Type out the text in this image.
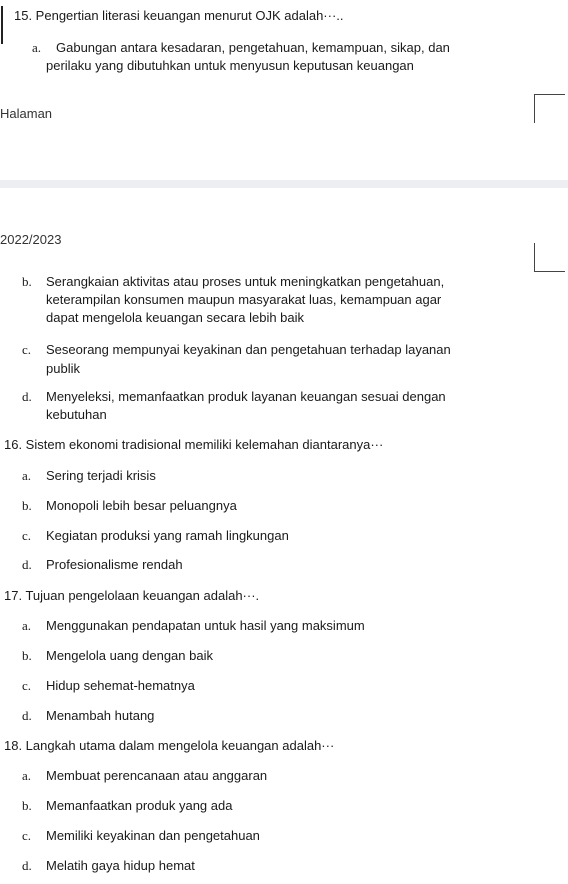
15. Pengertian literasi keuangan menurut OJK adalah···..
a. Gabungan antara kesadaran, pengetahuan, kemampuan, sikap, dan
perilaku yang dibutuhkan untuk menyusun keputusan keuangan
Halaman
2022/2023
b. Serangkaian aktivitas atau proses untuk meningkatkan pengetahuan,
keterampilan konsumen maupun masyarakat luas, kemampuan agar
dapat mengelola keuangan secara lebih baik
c. Seseorang mempunyai keyakinan dan pengetahuan terhadap layanan
publik
d. Menyeleksi, memanfaatkan produk layanan keuangan sesuai dengan
kebutuhan
16. Sistem ekonomi tradisional memiliki kelemahan diantaranya···
a. Sering terjadi krisis
b. Monopoli lebih besar peluangnya
c. Kegiatan produksi yang ramah lingkungan
d. Profesionalisme rendah
17. Tujuan pengelolaan keuangan adalah···.
a. Menggunakan pendapatan untuk hasil yang maksimum
b. Mengelola uang dengan baik
c. Hidup sehemat-hematnya
d. Menambah hutang
18. Langkah utama dalam mengelola keuangan adalah···
a. Membuat perencanaan atau anggaran
b. Memanfaatkan produk yang ada
c. Memiliki keyakinan dan pengetahuan
d. Melatih gaya hidup hemat
